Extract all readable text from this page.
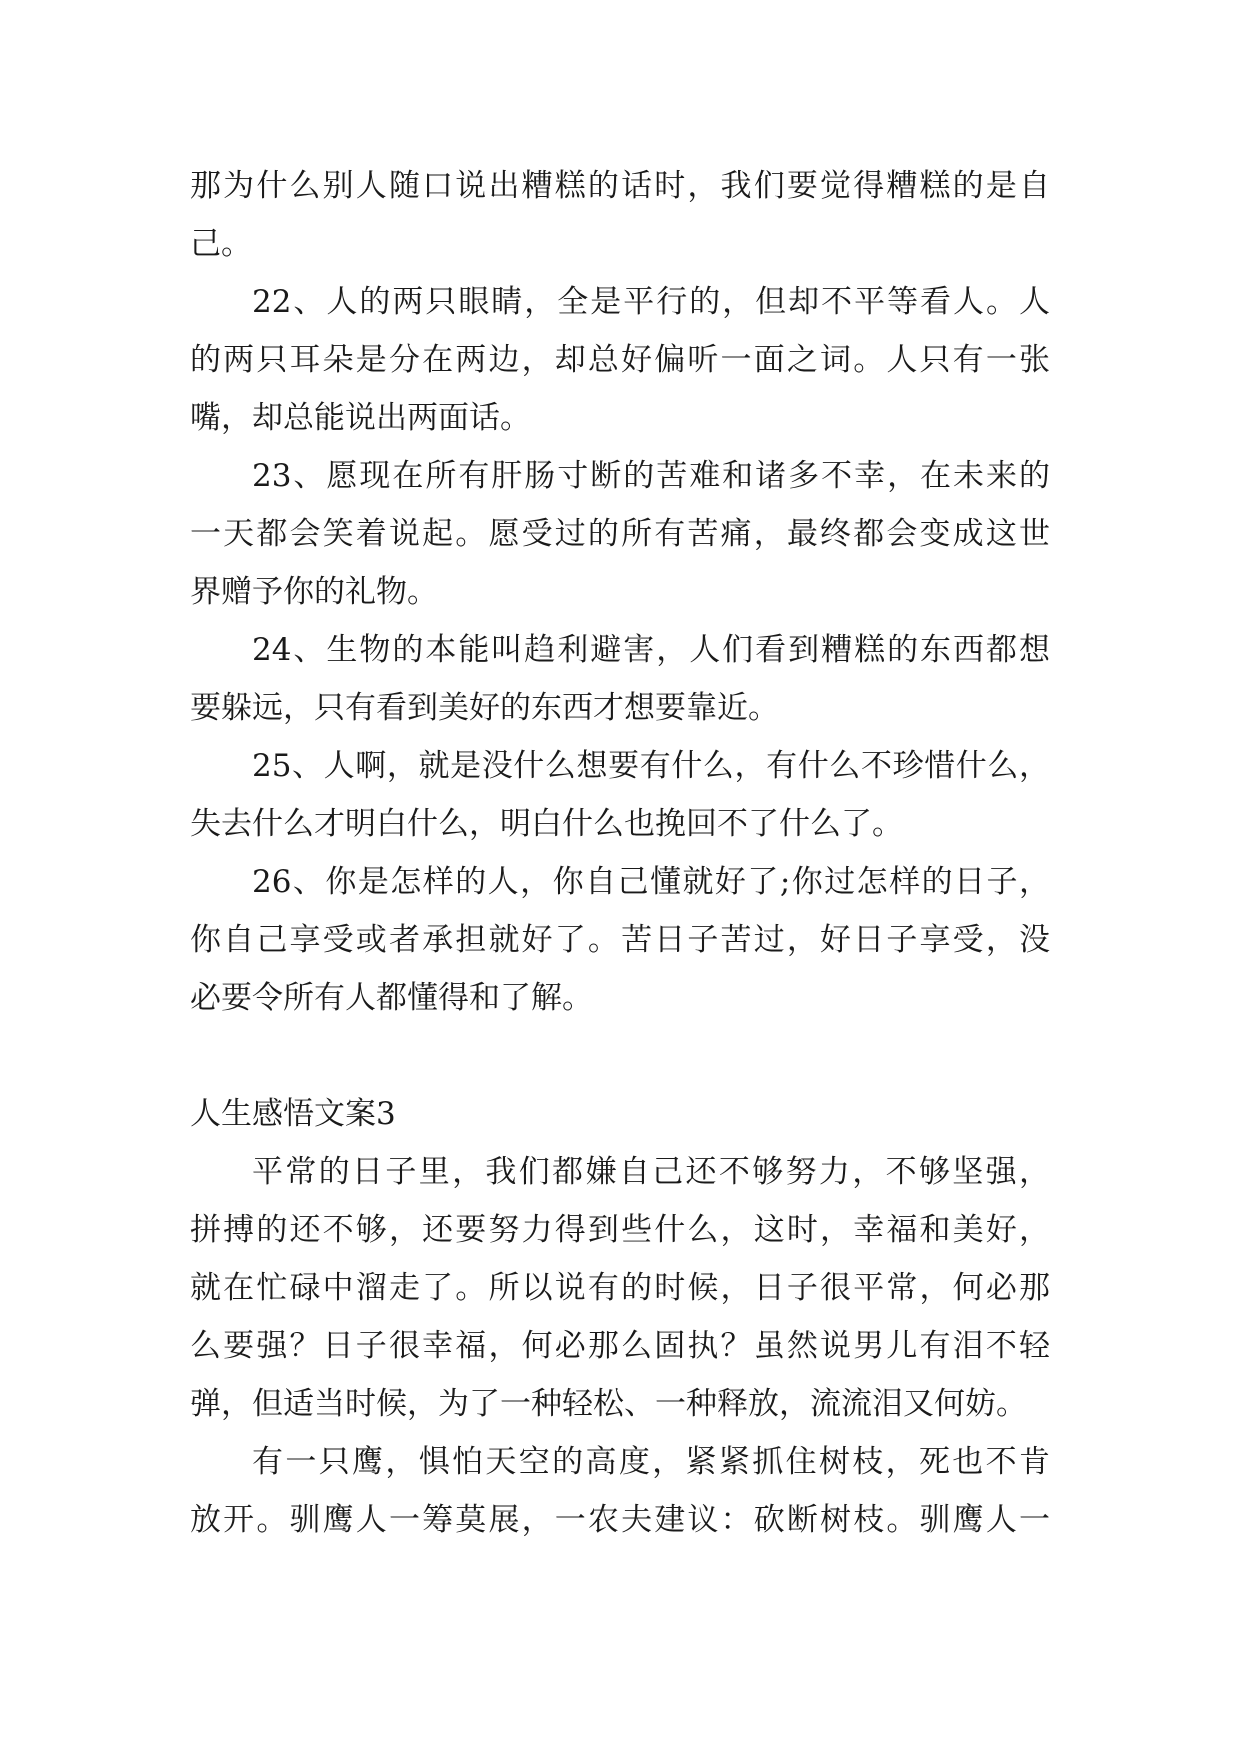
那为什么别人随口说出糟糕的话时，我们要觉得糟糕的是自
己。
22、人的两只眼睛，全是平行的，但却不平等看人。人
的两只耳朵是分在两边，却总好偏听一面之词。人只有一张
嘴，却总能说出两面话。
23、愿现在所有肝肠寸断的苦难和诸多不幸，在未来的
一天都会笑着说起。愿受过的所有苦痛，最终都会变成这世
界赠予你的礼物。
24、生物的本能叫趋利避害，人们看到糟糕的东西都想
要躲远，只有看到美好的东西才想要靠近。
25、人啊，就是没什么想要有什么，有什么不珍惜什么，
失去什么才明白什么，明白什么也挽回不了什么了。
26、你是怎样的人，你自己懂就好了;你过怎样的日子，
你自己享受或者承担就好了。苦日子苦过，好日子享受，没
必要令所有人都懂得和了解。
人生感悟文案3
平常的日子里，我们都嫌自己还不够努力，不够坚强，
拼搏的还不够，还要努力得到些什么，这时，幸福和美好，
就在忙碌中溜走了。所以说有的时候，日子很平常，何必那
么要强？日子很幸福，何必那么固执？虽然说男儿有泪不轻
弹，但适当时候，为了一种轻松、一种释放，流流泪又何妨。
有一只鹰，惧怕天空的高度，紧紧抓住树枝，死也不肯
放开。驯鹰人一筹莫展，一农夫建议：砍断树枝。驯鹰人一
